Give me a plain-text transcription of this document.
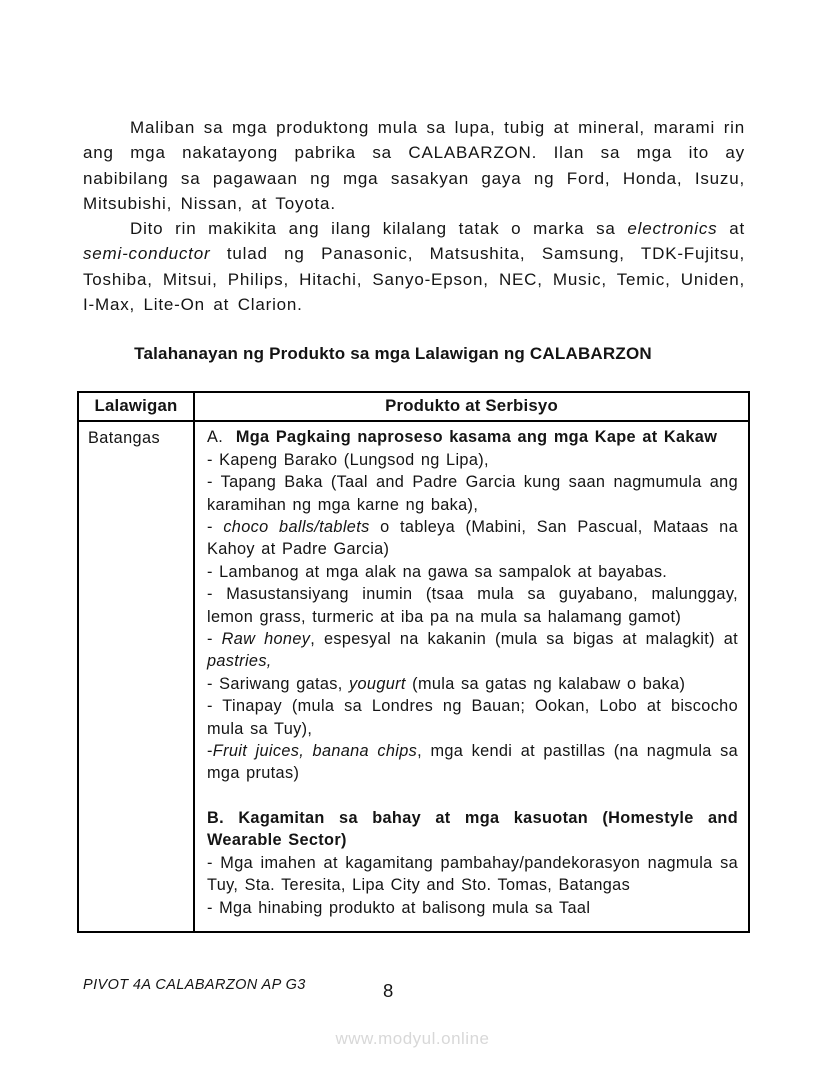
Maliban sa mga produktong mula sa lupa, tubig at mineral, marami rin ang mga nakatayong pabrika sa CALABARZON. Ilan sa mga ito ay nabibilang sa pagawaan ng mga sasakyan gaya ng Ford, Honda, Isuzu, Mitsubishi, Nissan, at Toyota.

Dito rin makikita ang ilang kilalang tatak o marka sa electronics at semi-conductor tulad ng Panasonic, Matsushita, Samsung, TDK-Fujitsu, Toshiba, Mitsui, Philips, Hitachi, Sanyo-Epson, NEC, Music, Temic, Uniden, I-Max, Lite-On at Clarion.

Talahanayan ng Produkto sa mga Lalawigan ng CALABARZON
Lalawigan	Produkto at Serbisyo
Batangas	A.  Mga Pagkaing naproseso kasama ang mga Kape at Kakaw
- Kapeng Barako (Lungsod ng Lipa),
- Tapang Baka (Taal and Padre Garcia kung saan nagmumula ang karamihan ng mga karne ng baka),
- choco balls/tablets o tableya (Mabini, San Pascual, Mataas na Kahoy at Padre Garcia)
- Lambanog at mga alak na gawa sa sampalok at bayabas.
- Masustansiyang inumin (tsaa mula sa guyabano, malunggay, lemon grass, turmeric at iba pa na mula sa halamang gamot)
- Raw honey, espesyal na kakanin (mula sa bigas at malagkit) at pastries,
- Sariwang gatas, yougurt (mula sa gatas ng kalabaw o baka)
- Tinapay (mula sa Londres ng Bauan; Ookan, Lobo at biscocho mula sa Tuy),
-Fruit juices, banana chips, mga kendi at pastillas (na nagmula sa mga prutas)
B. Kagamitan sa bahay at mga kasuotan (Homestyle and Wearable Sector)
- Mga imahen at kagamitang pambahay/pandekorasyon nagmula sa Tuy, Sta. Teresita, Lipa City and Sto. Tomas, Batangas
- Mga hinabing produkto at balisong mula sa Taal
PIVOT 4A CALABARZON AP G3	8
www.modyul.online
